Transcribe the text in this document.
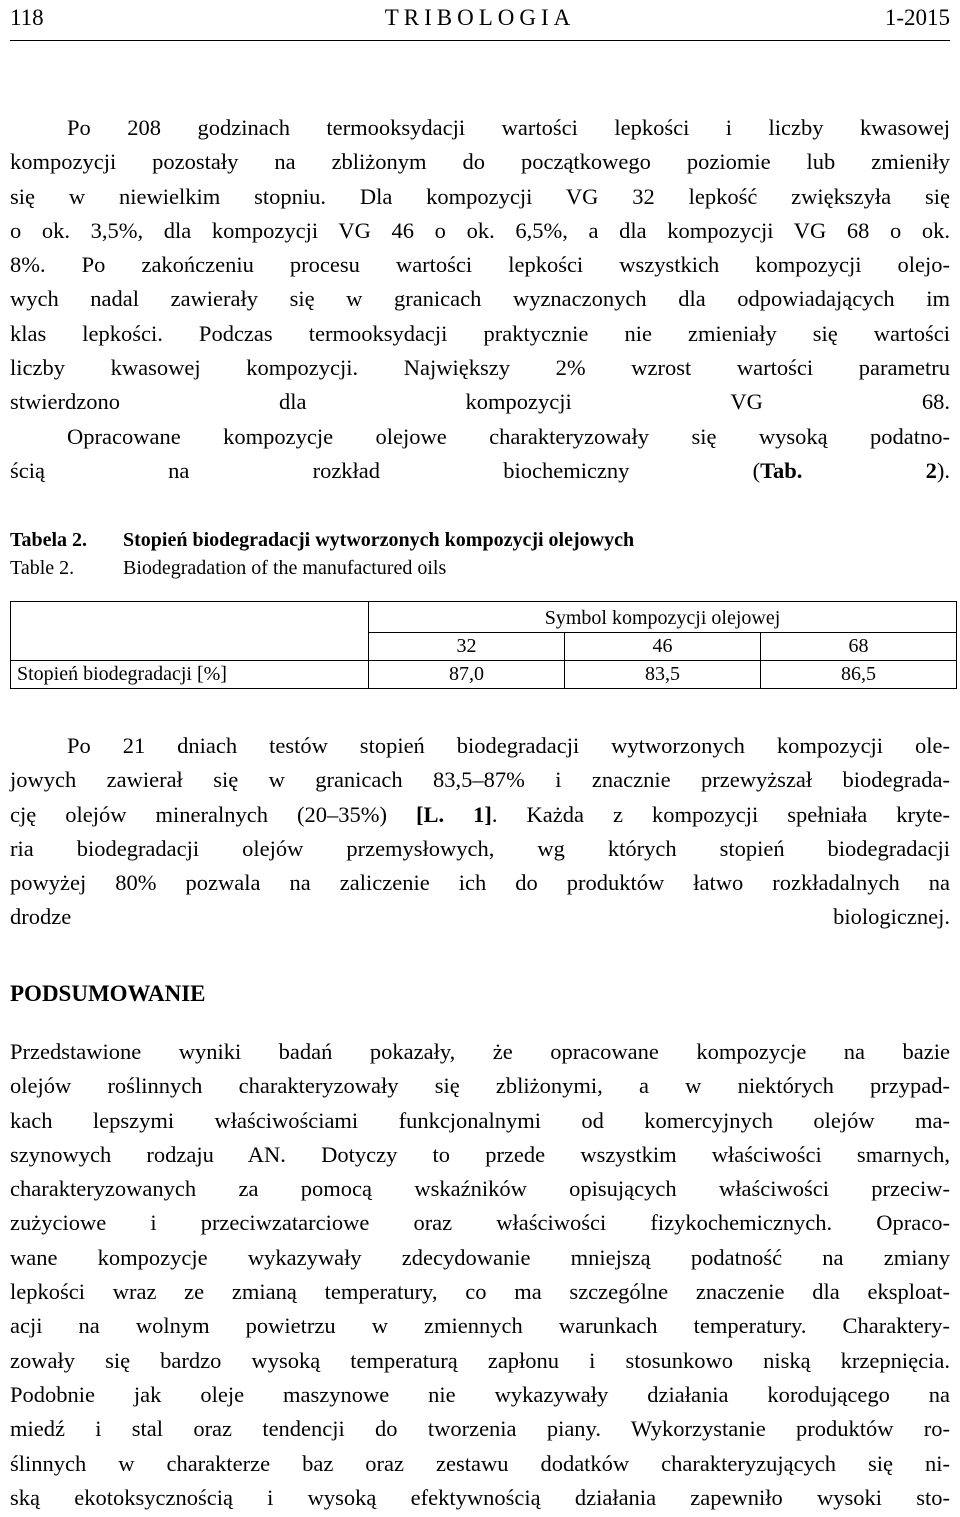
118	TRIBOLOGIA	1-2015

Po 208 godzinach termooksydacji wartości lepkości i liczby kwasowej
kompozycji pozostały na zbliżonym do początkowego poziomie lub zmieniły
się w niewielkim stopniu. Dla kompozycji VG 32 lepkość zwiększyła się
o ok. 3,5%, dla kompozycji VG 46 o ok. 6,5%, a dla kompozycji VG 68 o ok.
8%. Po zakończeniu procesu wartości lepkości wszystkich kompozycji olejo-
wych nadal zawierały się w granicach wyznaczonych dla odpowiadających im
klas lepkości. Podczas termooksydacji praktycznie nie zmieniały się wartości
liczby kwasowej kompozycji. Największy 2% wzrost wartości parametru
stwierdzono dla kompozycji VG 68.

Opracowane kompozycje olejowe charakteryzowały się wysoką podatno-
ścią na rozkład biochemiczny (Tab. 2).

Tabela 2. Stopień biodegradacji wytworzonych kompozycji olejowych
Table 2. Biodegradation of the manufactured oils
	Symbol kompozycji olejowej		
	32	46	68
Stopień biodegradacji [%]	87,0	83,5	86,5

Po 21 dniach testów stopień biodegradacji wytworzonych kompozycji ole-
jowych zawierał się w granicach 83,5–87% i znacznie przewyższał biodegrada-
cję olejów mineralnych (20–35%) [L. 1]. Każda z kompozycji spełniała kryte-
ria biodegradacji olejów przemysłowych, wg których stopień biodegradacji
powyżej 80% pozwala na zaliczenie ich do produktów łatwo rozkładalnych na
drodze biologicznej.

PODSUMOWANIE

Przedstawione wyniki badań pokazały, że opracowane kompozycje na bazie
olejów roślinnych charakteryzowały się zbliżonymi, a w niektórych przypad-
kach lepszymi właściwościami funkcjonalnymi od komercyjnych olejów ma-
szynowych rodzaju AN. Dotyczy to przede wszystkim właściwości smarnych,
charakteryzowanych za pomocą wskaźników opisujących właściwości przeciw-
zużyciowe i przeciwzatarciowe oraz właściwości fizykochemicznych. Opraco-
wane kompozycje wykazywały zdecydowanie mniejszą podatność na zmiany
lepkości wraz ze zmianą temperatury, co ma szczególne znaczenie dla eksploat-
acji na wolnym powietrzu w zmiennych warunkach temperatury. Charaktery-
zowały się bardzo wysoką temperaturą zapłonu i stosunkowo niską krzepnięcia.
Podobnie jak oleje maszynowe nie wykazywały działania korodującego na
miedź i stal oraz tendencji do tworzenia piany. Wykorzystanie produktów ro-
ślinnych w charakterze baz oraz zestawu dodatków charakteryzujących się ni-
ską ekotoksycznością i wysoką efektywnością działania zapewniło wysoki sto-
